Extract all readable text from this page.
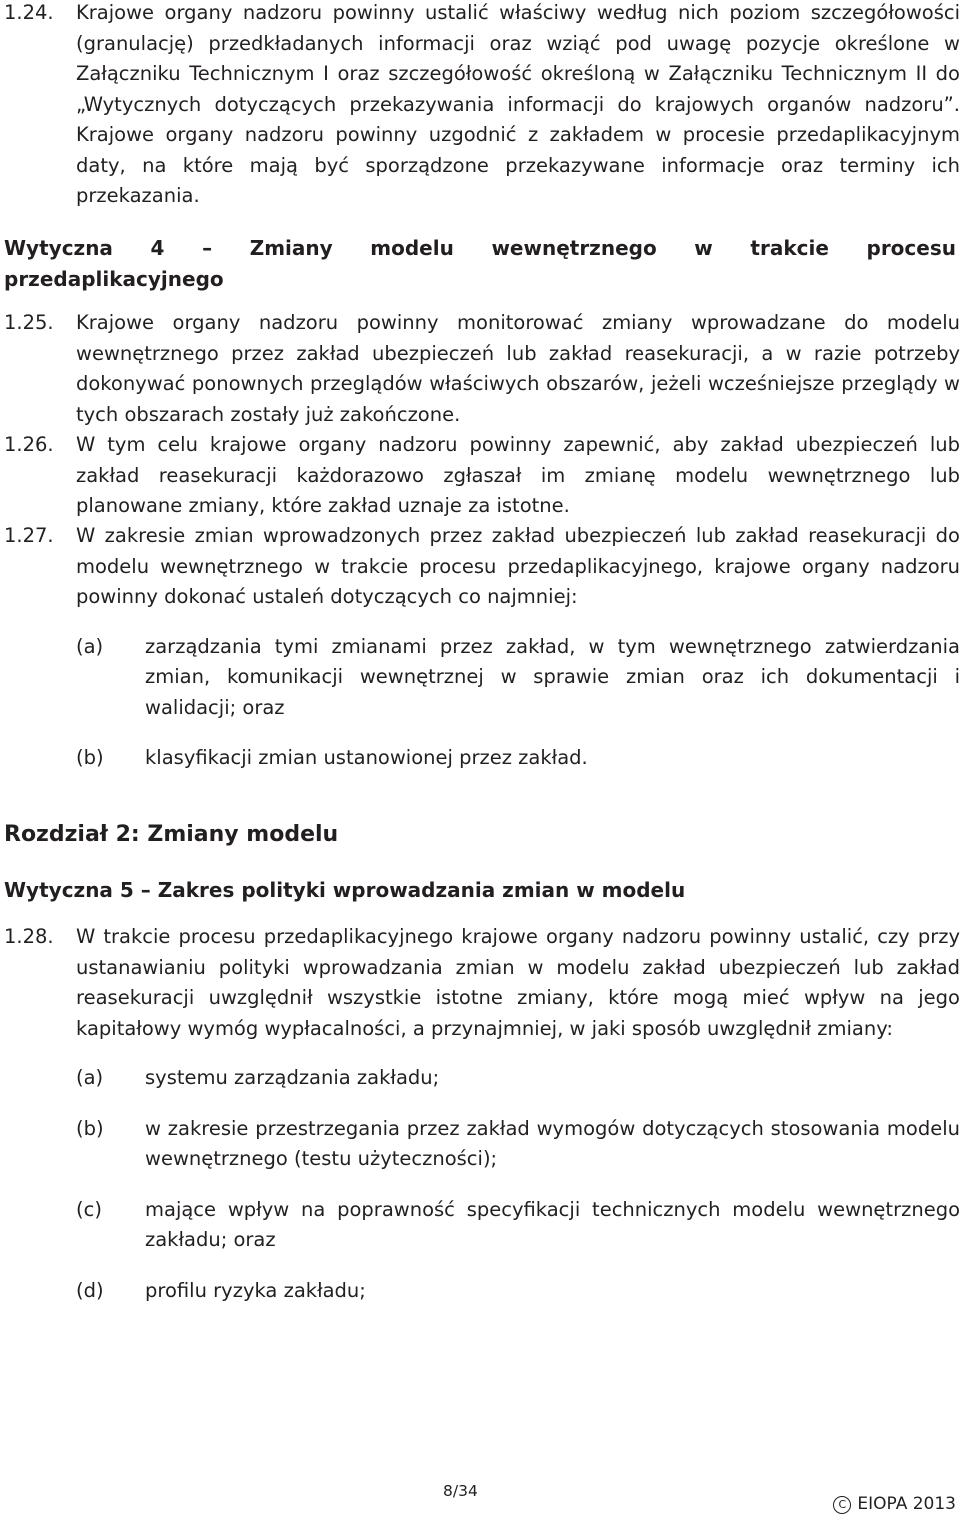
1.24. Krajowe organy nadzoru powinny ustalić właściwy według nich poziom szczegółowości (granulację) przedkładanych informacji oraz wziąć pod uwagę pozycje określone w Załączniku Technicznym I oraz szczegółowość określoną w Załączniku Technicznym II do „Wytycznych dotyczących przekazywania informacji do krajowych organów nadzoru”. Krajowe organy nadzoru powinny uzgodnić z zakładem w procesie przedaplikacyjnym daty, na które mają być sporządzone przekazywane informacje oraz terminy ich przekazania.
Wytyczna 4 – Zmiany modelu wewnętrznego w trakcie procesu
przedaplikacyjnego
1.25. Krajowe organy nadzoru powinny monitorować zmiany wprowadzane do modelu wewnętrznego przez zakład ubezpieczeń lub zakład reasekuracji, a w razie potrzeby dokonywać ponownych przeglądów właściwych obszarów, jeżeli wcześniejsze przeglądy w tych obszarach zostały już zakończone.
1.26. W tym celu krajowe organy nadzoru powinny zapewnić, aby zakład ubezpieczeń lub zakład reasekuracji każdorazowo zgłaszał im zmianę modelu wewnętrznego lub planowane zmiany, które zakład uznaje za istotne.
1.27. W zakresie zmian wprowadzonych przez zakład ubezpieczeń lub zakład reasekuracji do modelu wewnętrznego w trakcie procesu przedaplikacyjnego, krajowe organy nadzoru powinny dokonać ustaleń dotyczących co najmniej:
(a)	zarządzania tymi zmianami przez zakład, w tym wewnętrznego zatwierdzania zmian, komunikacji wewnętrznej w sprawie zmian oraz ich dokumentacji i walidacji; oraz
(b)	klasyfikacji zmian ustanowionej przez zakład.
Rozdział 2: Zmiany modelu
Wytyczna 5 – Zakres polityki wprowadzania zmian w modelu
1.28. W trakcie procesu przedaplikacyjnego krajowe organy nadzoru powinny ustalić, czy przy ustanawianiu polityki wprowadzania zmian w modelu zakład ubezpieczeń lub zakład reasekuracji uwzględnił wszystkie istotne zmiany, które mogą mieć wpływ na jego kapitałowy wymóg wypłacalności, a przynajmniej, w jaki sposób uwzględnił zmiany:
(a)	systemu zarządzania zakładu;
(b)	w zakresie przestrzegania przez zakład wymogów dotyczących stosowania modelu wewnętrznego (testu użyteczności);
(c)	mające wpływ na poprawność specyfikacji technicznych modelu wewnętrznego zakładu; oraz
(d)	profilu ryzyka zakładu;
8/34
C EIOPA 2013
